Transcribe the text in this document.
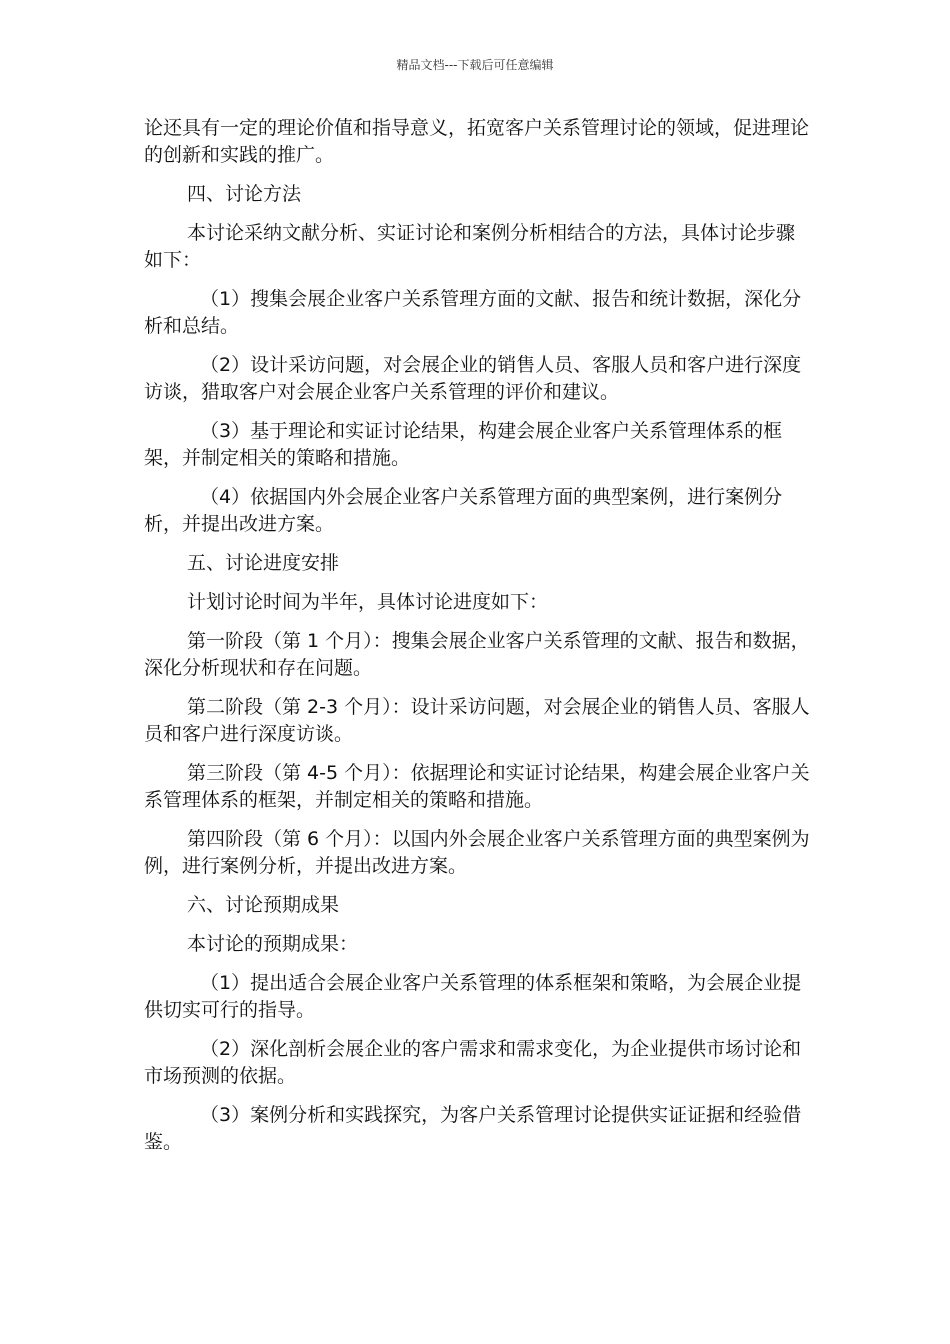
精品文档---下载后可任意编辑

论还具有一定的理论价值和指导意义，拓宽客户关系管理讨论的领域，促进理论的创新和实践的推广。

四、讨论方法

本讨论采纳文献分析、实证讨论和案例分析相结合的方法，具体讨论步骤如下：

（1）搜集会展企业客户关系管理方面的文献、报告和统计数据，深化分析和总结。

（2）设计采访问题，对会展企业的销售人员、客服人员和客户进行深度访谈，猎取客户对会展企业客户关系管理的评价和建议。

（3）基于理论和实证讨论结果，构建会展企业客户关系管理体系的框架，并制定相关的策略和措施。

（4）依据国内外会展企业客户关系管理方面的典型案例，进行案例分析，并提出改进方案。

五、讨论进度安排

计划讨论时间为半年，具体讨论进度如下：

第一阶段（第 1 个月）：搜集会展企业客户关系管理的文献、报告和数据，深化分析现状和存在问题。

第二阶段（第 2-3 个月）：设计采访问题，对会展企业的销售人员、客服人员和客户进行深度访谈。

第三阶段（第 4-5 个月）：依据理论和实证讨论结果，构建会展企业客户关系管理体系的框架，并制定相关的策略和措施。

第四阶段（第 6 个月）：以国内外会展企业客户关系管理方面的典型案例为例，进行案例分析，并提出改进方案。

六、讨论预期成果

本讨论的预期成果：

（1）提出适合会展企业客户关系管理的体系框架和策略，为会展企业提供切实可行的指导。

（2）深化剖析会展企业的客户需求和需求变化，为企业提供市场讨论和市场预测的依据。

（3）案例分析和实践探究，为客户关系管理讨论提供实证证据和经验借鉴。
